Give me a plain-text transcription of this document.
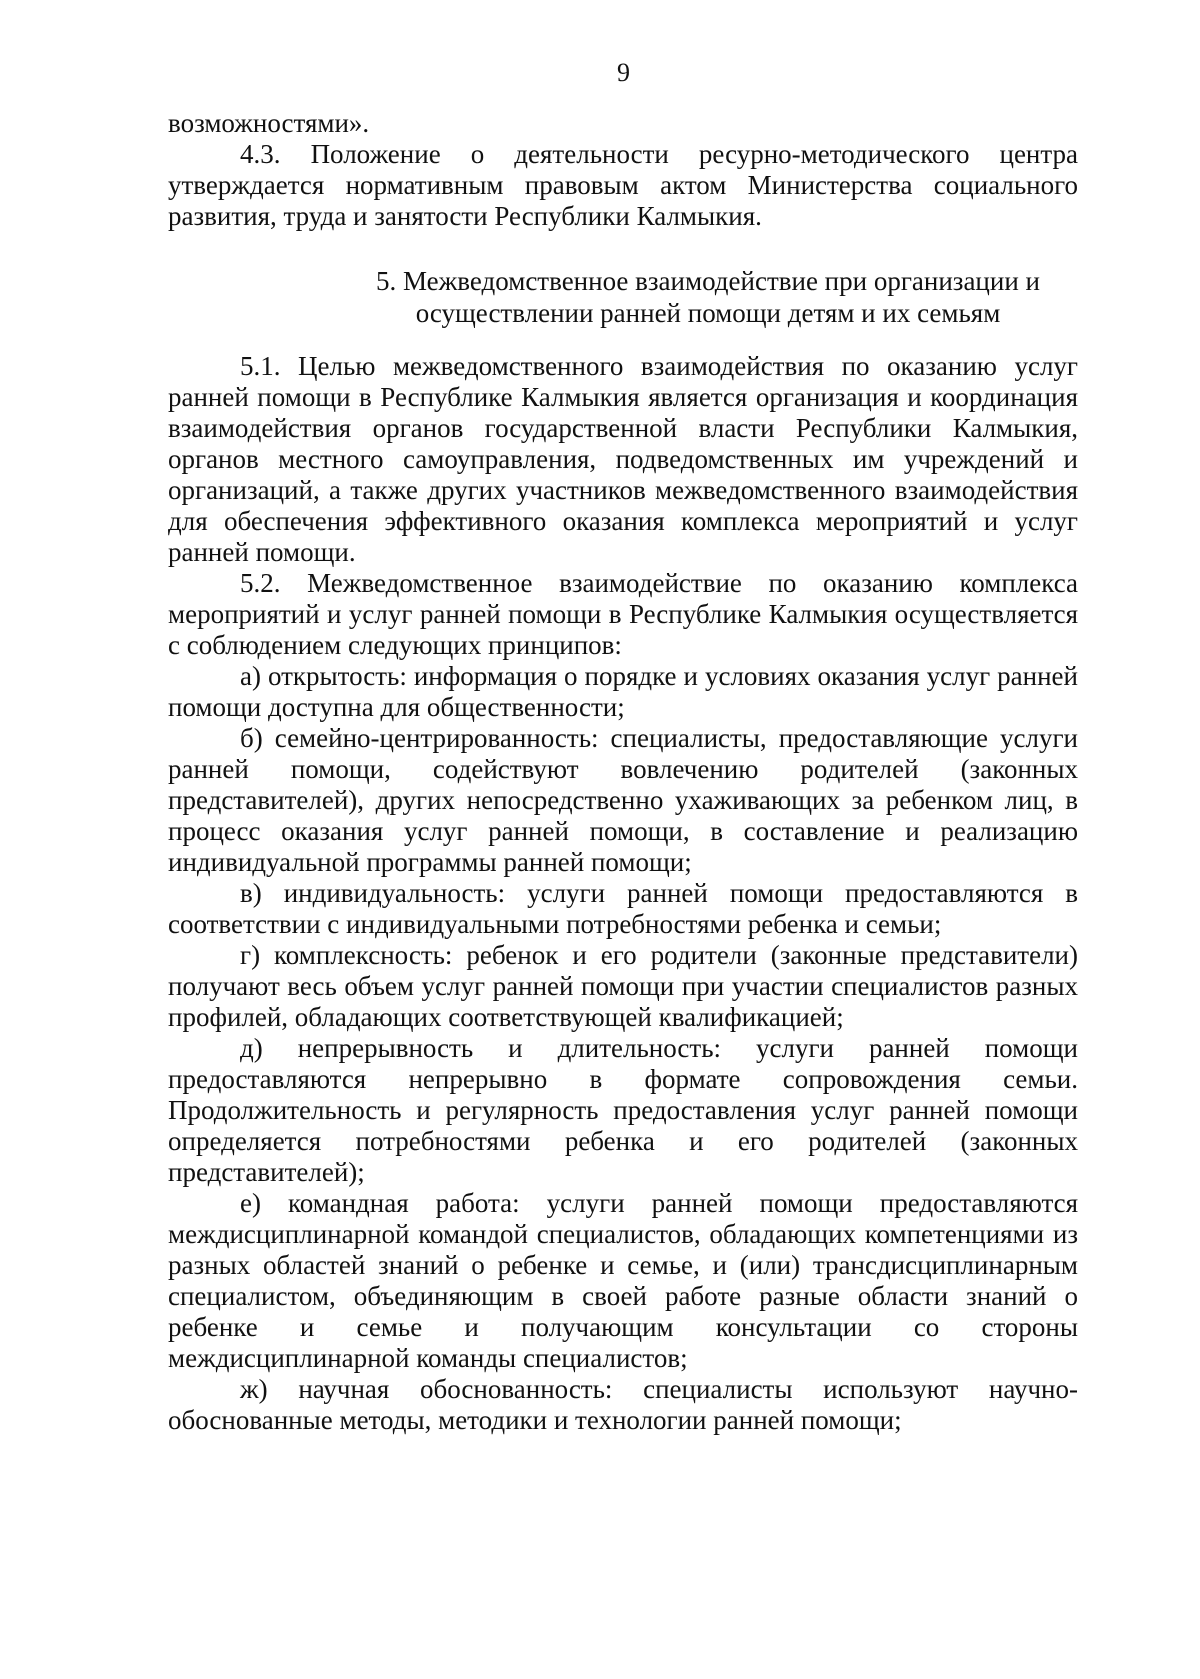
9

возможностями».

4.3. Положение о деятельности ресурно-методического центра утверждается нормативным правовым актом Министерства социального развития, труда и занятости Республики Калмыкия.

5. Межведомственное взаимодействие при организации и
осуществлении ранней помощи детям и их семьям

5.1. Целью межведомственного взаимодействия по оказанию услуг ранней помощи в Республике Калмыкия является организация и координация взаимодействия органов государственной власти Республики Калмыкия, органов местного самоуправления, подведомственных им учреждений и организаций, а также других участников межведомственного взаимодействия для обеспечения эффективного оказания комплекса мероприятий и услуг ранней помощи.

5.2. Межведомственное взаимодействие по оказанию комплекса мероприятий и услуг ранней помощи в Республике Калмыкия осуществляется с соблюдением следующих принципов:

а) открытость: информация о порядке и условиях оказания услуг ранней помощи доступна для общественности;

б) семейно-центрированность: специалисты, предоставляющие услуги ранней помощи, содействуют вовлечению родителей (законных представителей), других непосредственно ухаживающих за ребенком лиц, в процесс оказания услуг ранней помощи, в составление и реализацию индивидуальной программы ранней помощи;

в) индивидуальность: услуги ранней помощи предоставляются в соответствии с индивидуальными потребностями ребенка и семьи;

г) комплексность: ребенок и его родители (законные представители) получают весь объем услуг ранней помощи при участии специалистов разных профилей, обладающих соответствующей квалификацией;

д) непрерывность и длительность: услуги ранней помощи предоставляются непрерывно в формате сопровождения семьи. Продолжительность и регулярность предоставления услуг ранней помощи определяется потребностями ребенка и его родителей (законных представителей);

е) командная работа: услуги ранней помощи предоставляются междисциплинарной командой специалистов, обладающих компетенциями из разных областей знаний о ребенке и семье, и (или) трансдисциплинарным специалистом, объединяющим в своей работе разные области знаний о ребенке и семье и получающим консультации со стороны междисциплинарной команды специалистов;

ж) научная обоснованность: специалисты используют научно-обоснованные методы, методики и технологии ранней помощи;
